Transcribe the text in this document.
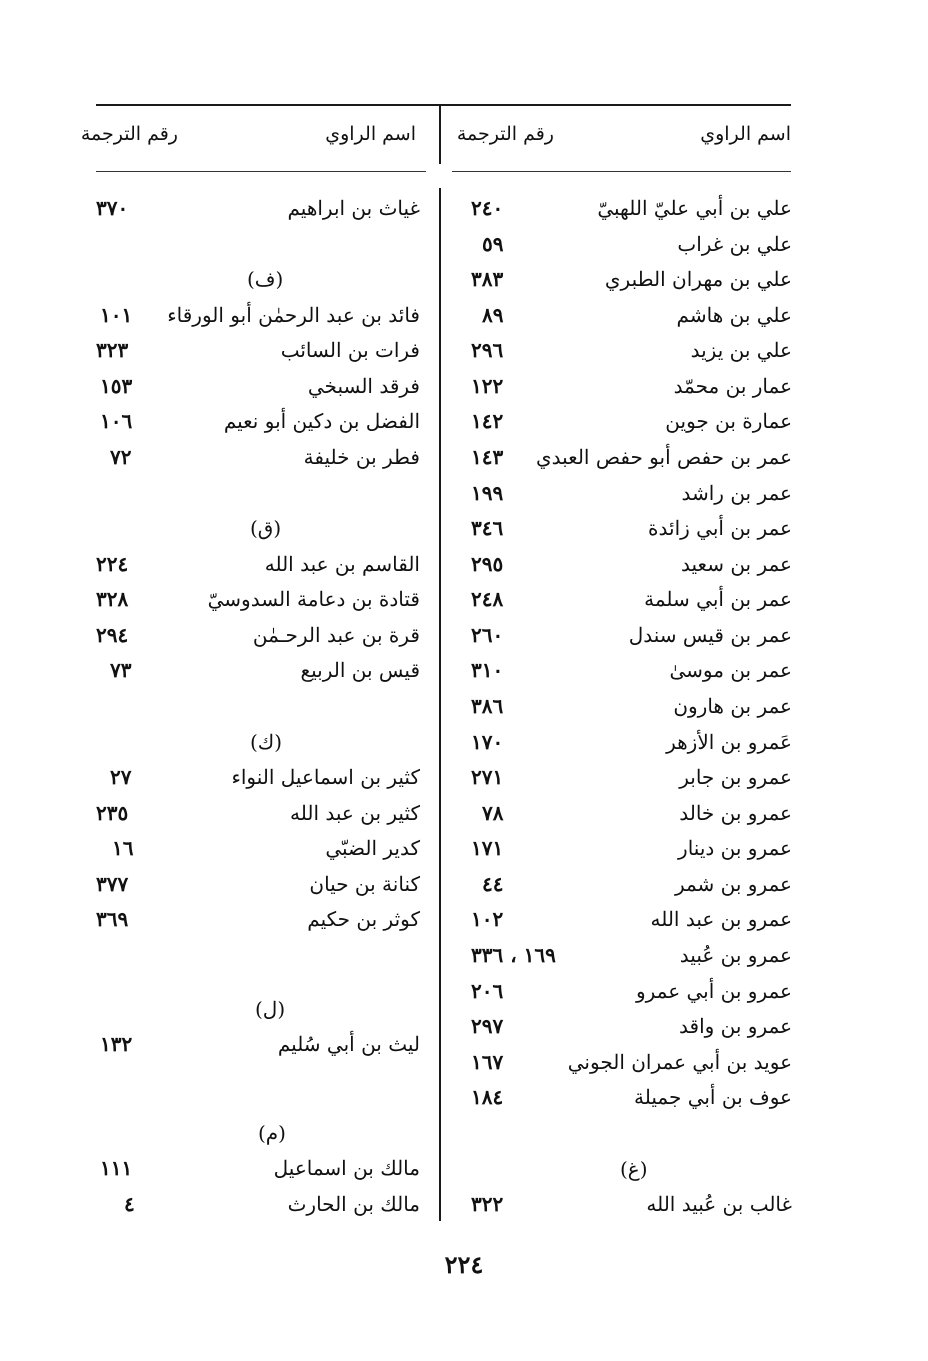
اسم الراوي
رقم الترجمة
اسم الراوي
رقم الترجمة
علي بن أبي عليّ اللهبيّ
٢٤٠
علي بن غراب
٥٩
علي بن مهران الطبري
٣٨٣
علي بن هاشم
٨٩
علي بن يزيد
٢٩٦
عمار بن محمّد
١٢٢
عمارة بن جوين
١٤٢
عمر بن حفص أبو حفص العبدي
١٤٣
عمر بن راشد
١٩٩
عمر بن أبي زائدة
٣٤٦
عمر بن سعيد
٢٩٥
عمر بن أبي سلمة
٢٤٨
عمر بن قيس سندل
٢٦٠
عمر بن موسىٰ
٣١٠
عمر بن هارون
٣٨٦
عَمرو بن الأزهر
١٧٠
عمرو بن جابر
٢٧١
عمرو بن خالد
٧٨
عمرو بن دينار
١٧١
عمرو بن شمر
٤٤
عمرو بن عبد الله
١٠٢
عمرو بن عُبيد
١٦٩ ، ٣٣٦
عمرو بن أبي عمرو
٢٠٦
عمرو بن واقد
٢٩٧
عويد بن أبي عمران الجوني
١٦٧
عوف بن أبي جميلة
١٨٤
(غ)
غالب بن عُبيد الله
٣٢٢
غياث بن ابراهيم
٣٧٠
(ف)
فائد بن عبد الرحمٰن أبو الورقاء
١٠١
فرات بن السائب
٣٢٣
فرقد السبخي
١٥٣
الفضل بن دكين أبو نعيم
١٠٦
فطر بن خليفة
٧٢
(ق)
القاسم بن عبد الله
٢٢٤
قتادة بن دعامة السدوسيّ
٣٢٨
قرة بن عبد الرحـمٰن
٢٩٤
قيس بن الربيع
٧٣
(ك)
كثير بن اسماعيل النواء
٢٧
كثير بن عبد الله
٢٣٥
كدير الضبّي
١٦
كنانة بن حيان
٣٧٧
كوثر بن حكيم
٣٦٩
(ل)
ليث بن أبي سُليم
١٣٢
(م)
مالك بن اسماعيل
١١١
مالك بن الحارث
٤
٢٢٤
